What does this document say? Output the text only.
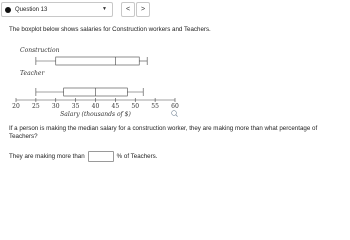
Question 13	▼	<	>
The boxplot below shows salaries for Construction workers and Teachers.
Construction
Teacher
20 25 30 35 40 45 50 55 60
Salary (thousands of $)
If a person is making the median salary for a construction worker, they are making more than what percentage of Teachers?
They are making more than	% of Teachers.
